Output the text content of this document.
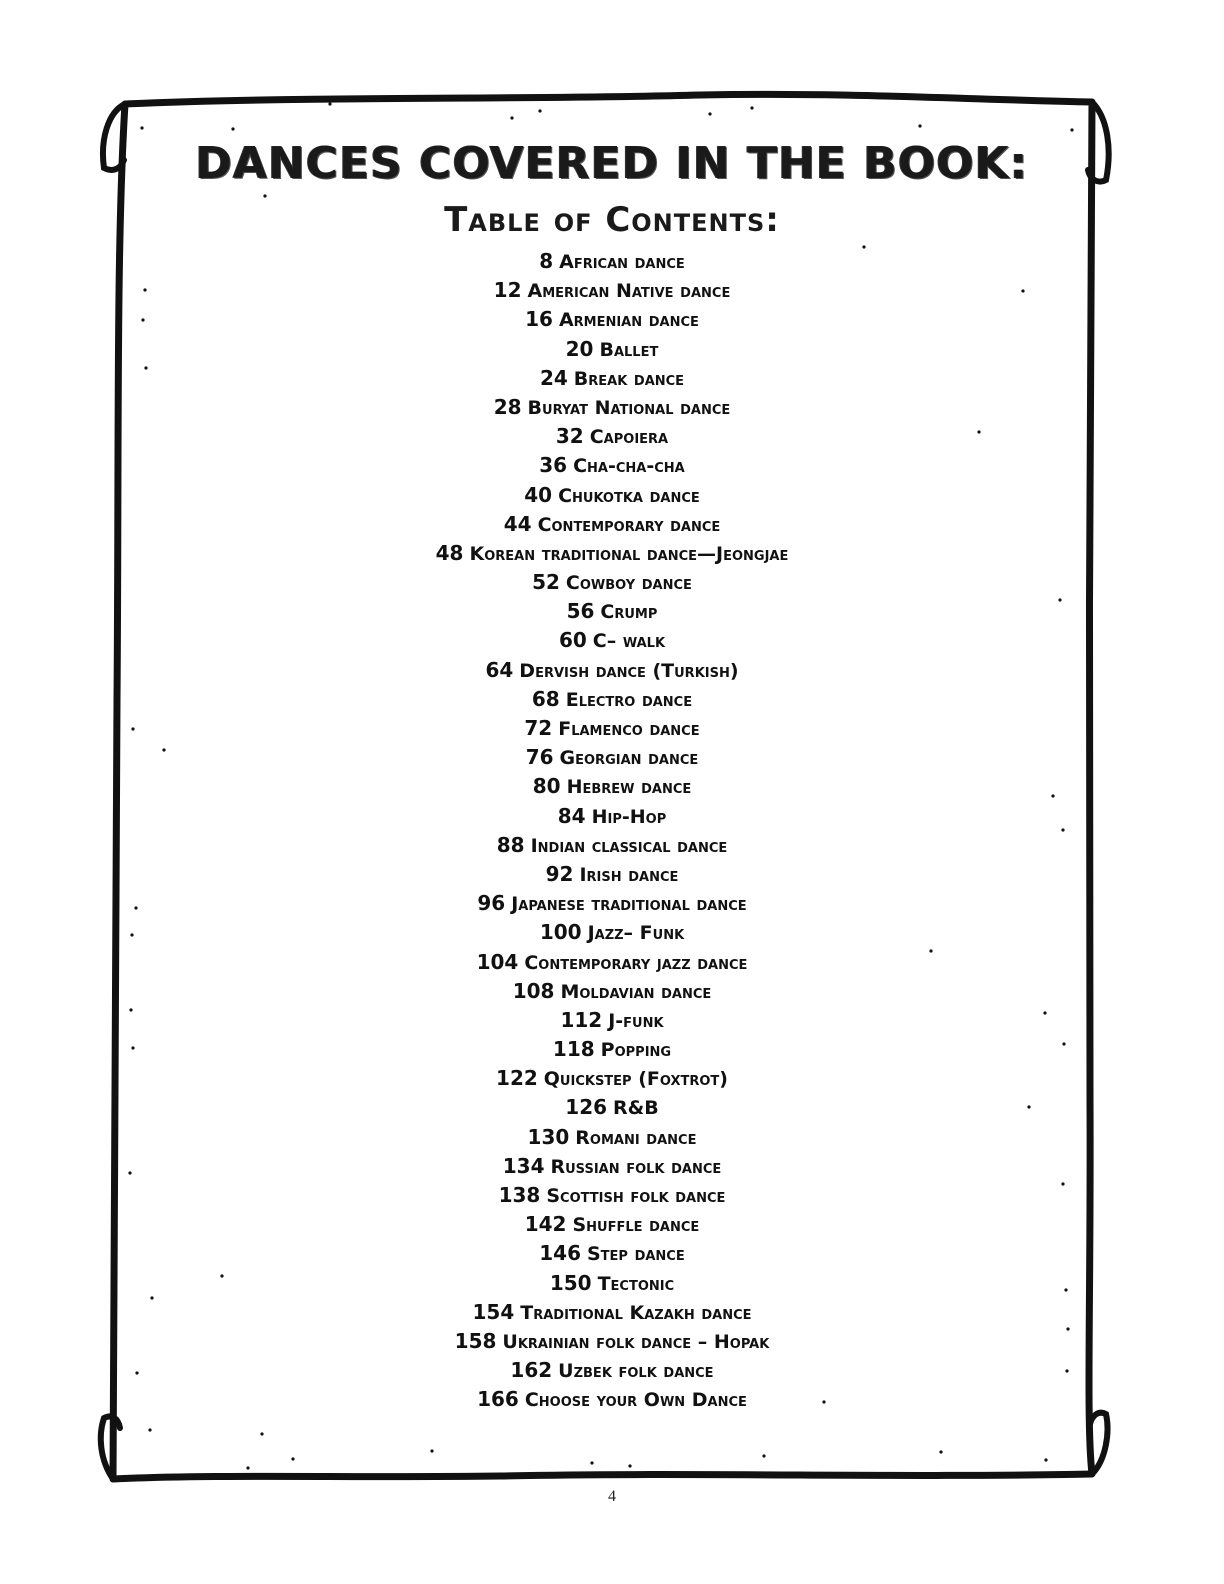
DANCES COVERED IN THE BOOK:
Table of Contents:
8 African dance
12 American Native dance
16 Armenian dance
20 Ballet
24 Break dance
28 Buryat National dance
32 Capoiera
36 Cha-cha-cha
40 Chukotka dance
44 Contemporary dance
48 Korean traditional dance—Jeongjae
52 Cowboy dance
56 Crump
60 C– walk
64 Dervish dance (Turkish)
68 Electro dance
72 Flamenco dance
76 Georgian dance
80 Hebrew dance
84 Hip-Hop
88 Indian classical dance
92 Irish dance
96 Japanese traditional dance
100 Jazz– Funk
104 Contemporary jazz dance
108 Moldavian dance
112 J-funk
118 Popping
122 Quickstep (Foxtrot)
126 R&B
130 Romani dance
134 Russian folk dance
138 Scottish folk dance
142 Shuffle dance
146 Step dance
150 Tectonic
154 Traditional Kazakh dance
158 Ukrainian folk dance – Hopak
162 Uzbek folk dance
166 Choose your Own Dance
4
